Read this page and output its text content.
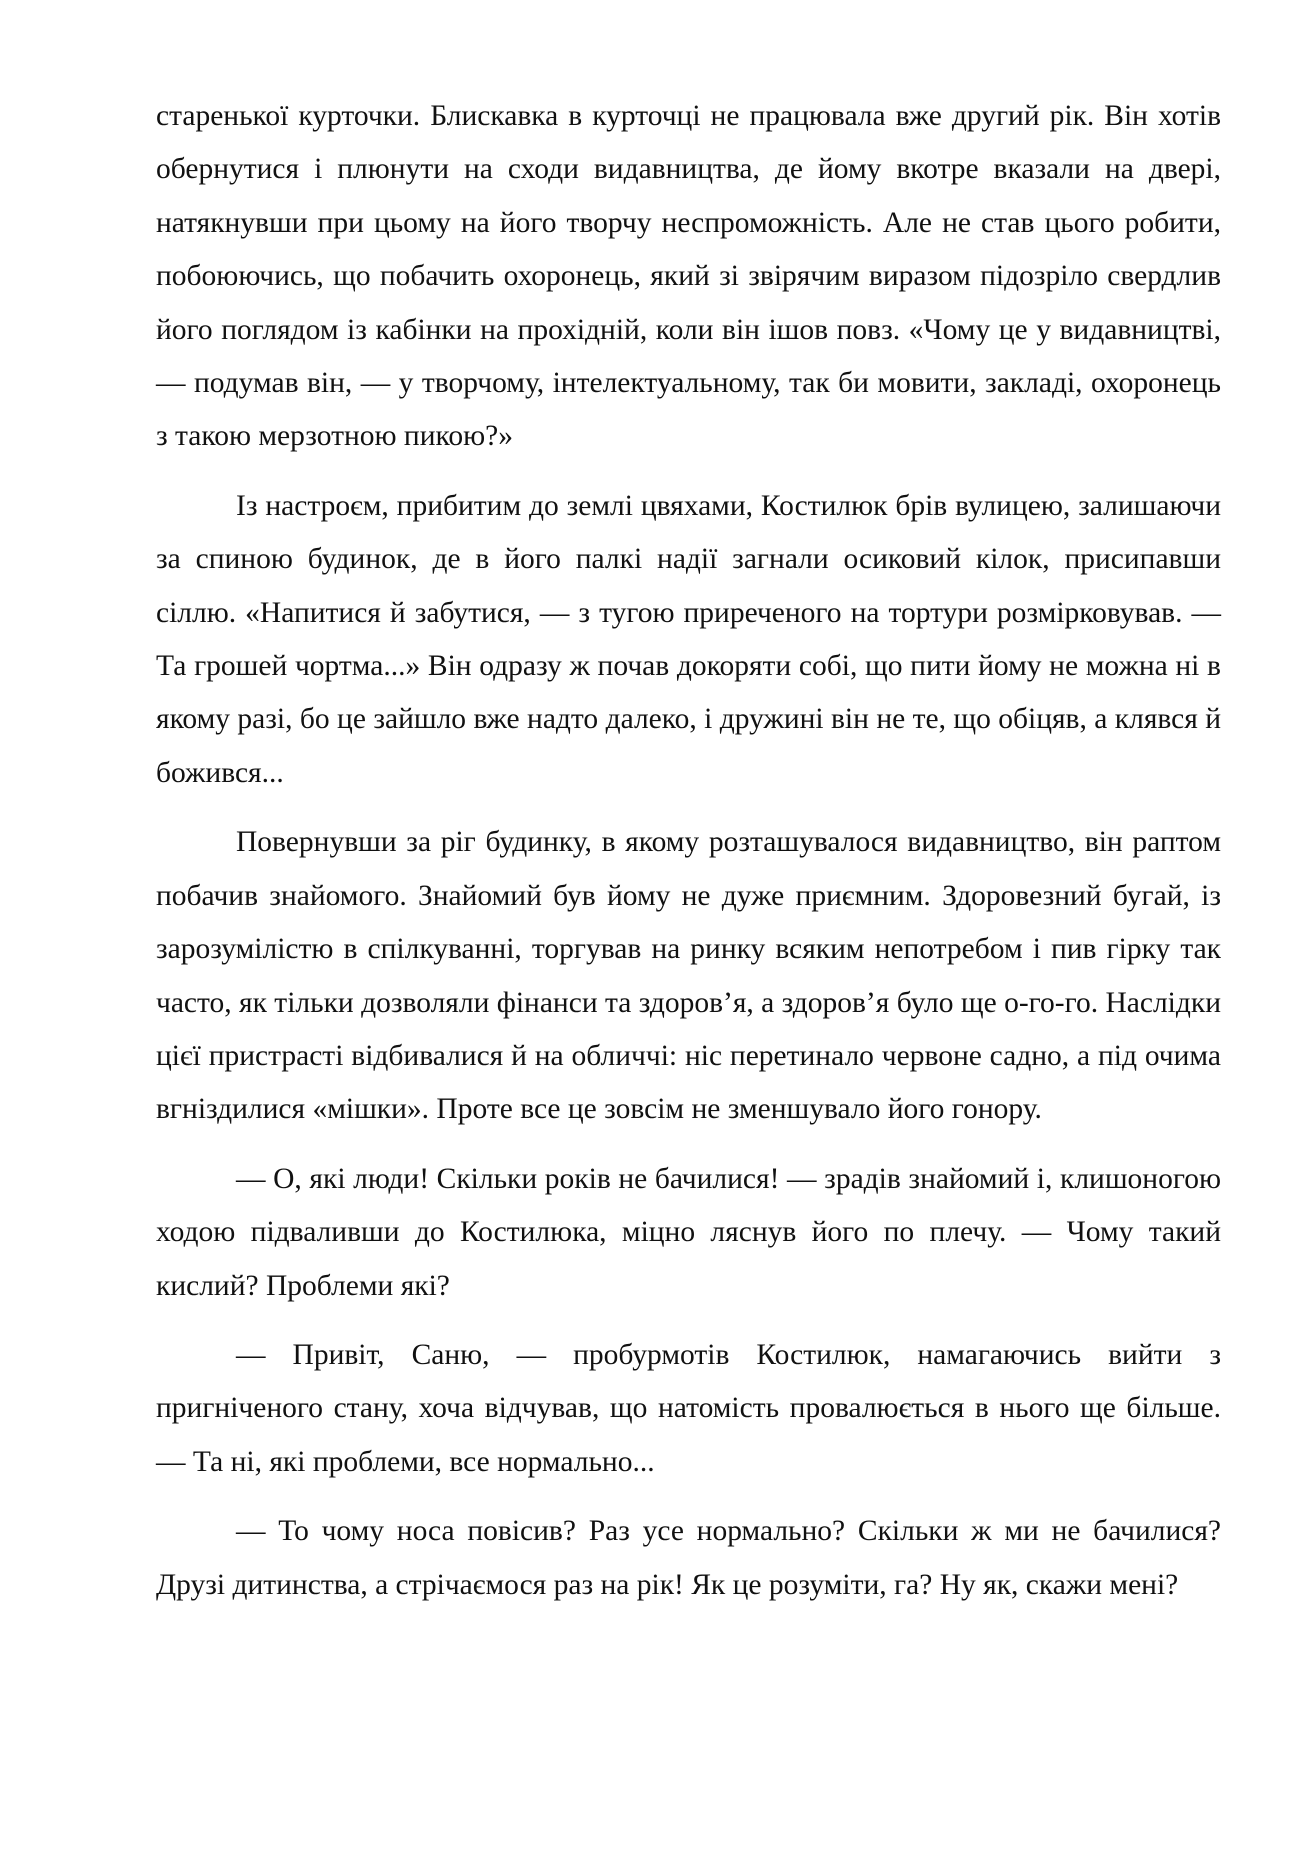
старенької курточки. Блискавка в курточці не працювала вже другий рік. Він хотів обернутися і плюнути на сходи видавництва, де йому вкотре вказали на двері, натякнувши при цьому на його творчу неспроможність. Але не став цього робити, побоюючись, що побачить охоронець, який зі звірячим виразом підозріло свердлив його поглядом із кабінки на прохідній, коли він ішов повз. «Чому це у видавництві, — подумав він, — у творчому, інтелектуальному, так би мовити, закладі, охоронець з такою мерзотною пикою?»

Із настроєм, прибитим до землі цвяхами, Костилюк брів вулицею, залишаючи за спиною будинок, де в його палкі надії загнали осиковий кілок, присипавши сіллю. «Напитися й забутися, — з тугою приреченого на тортури розмірковував. — Та грошей чортма...» Він одразу ж почав докоряти собі, що пити йому не можна ні в якому разі, бо це зайшло вже надто далеко, і дружині він не те, що обіцяв, а клявся й божився...

Повернувши за ріг будинку, в якому розташувалося видавництво, він раптом побачив знайомого. Знайомий був йому не дуже приємним. Здоровезний бугай, із зарозумілістю в спілкуванні, торгував на ринку всяким непотребом і пив гірку так часто, як тільки дозволяли фінанси та здоров’я, а здоров’я було ще о-го-го. Наслідки цієї пристрасті відбивалися й на обличчі: ніс перетинало червоне садно, а під очима вгніздилися «мішки». Проте все це зовсім не зменшувало його гонору.

— О, які люди! Скільки років не бачилися! — зрадів знайомий і, клишоногою ходою підваливши до Костилюка, міцно ляснув його по плечу. — Чому такий кислий? Проблеми які?

— Привіт, Саню, — пробурмотів Костилюк, намагаючись вийти з пригніченого стану, хоча відчував, що натомість провалюється в нього ще більше. — Та ні, які проблеми, все нормально...

— То чому носа повісив? Раз усе нормально? Скільки ж ми не бачилися? Друзі дитинства, а стрічаємося раз на рік! Як це розуміти, га? Ну як, скажи мені?
